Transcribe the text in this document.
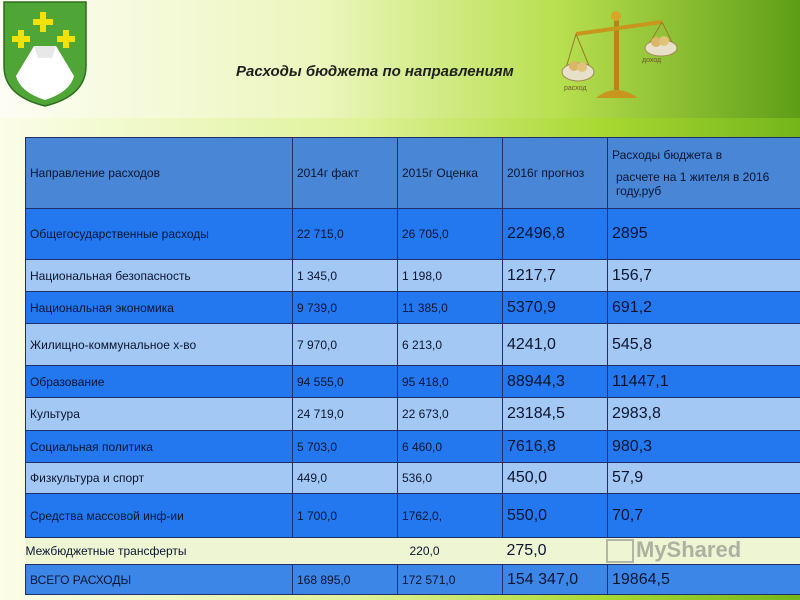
Расходы бюджета по направлениям
доход
расход
Направление расходов	2014г факт	2015г Оценка	2016г прогноз	Расходы бюджета в
расчете на 1 жителя в 2016 году,руб

Общегосударственные расходы	22 715,0	26 705,0	22496,8	2895
Национальная безопасность	1 345,0	1 198,0	1217,7	156,7
Национальная экономика	9 739,0	11 385,0	5370,9	691,2
Жилищно-коммунальное х-во	7 970,0	6 213,0	4241,0	545,8
Образование	94 555,0	95 418,0	88944,3	11447,1
Культура	24 719,0	22 673,0	23184,5	2983,8
Социальная политика	5 703,0	6 460,0	7616,8	980,3
Физкультура и спорт	449,0	536,0	450,0	57,9
Средства массовой инф-ии	1 700,0	1762,0,	550,0	70,7
Межбюджетные трансферты		220,0	275,0	
ВСЕГО РАСХОДЫ	168 895,0	172 571,0	154 347,0	19864,5
MyShared
